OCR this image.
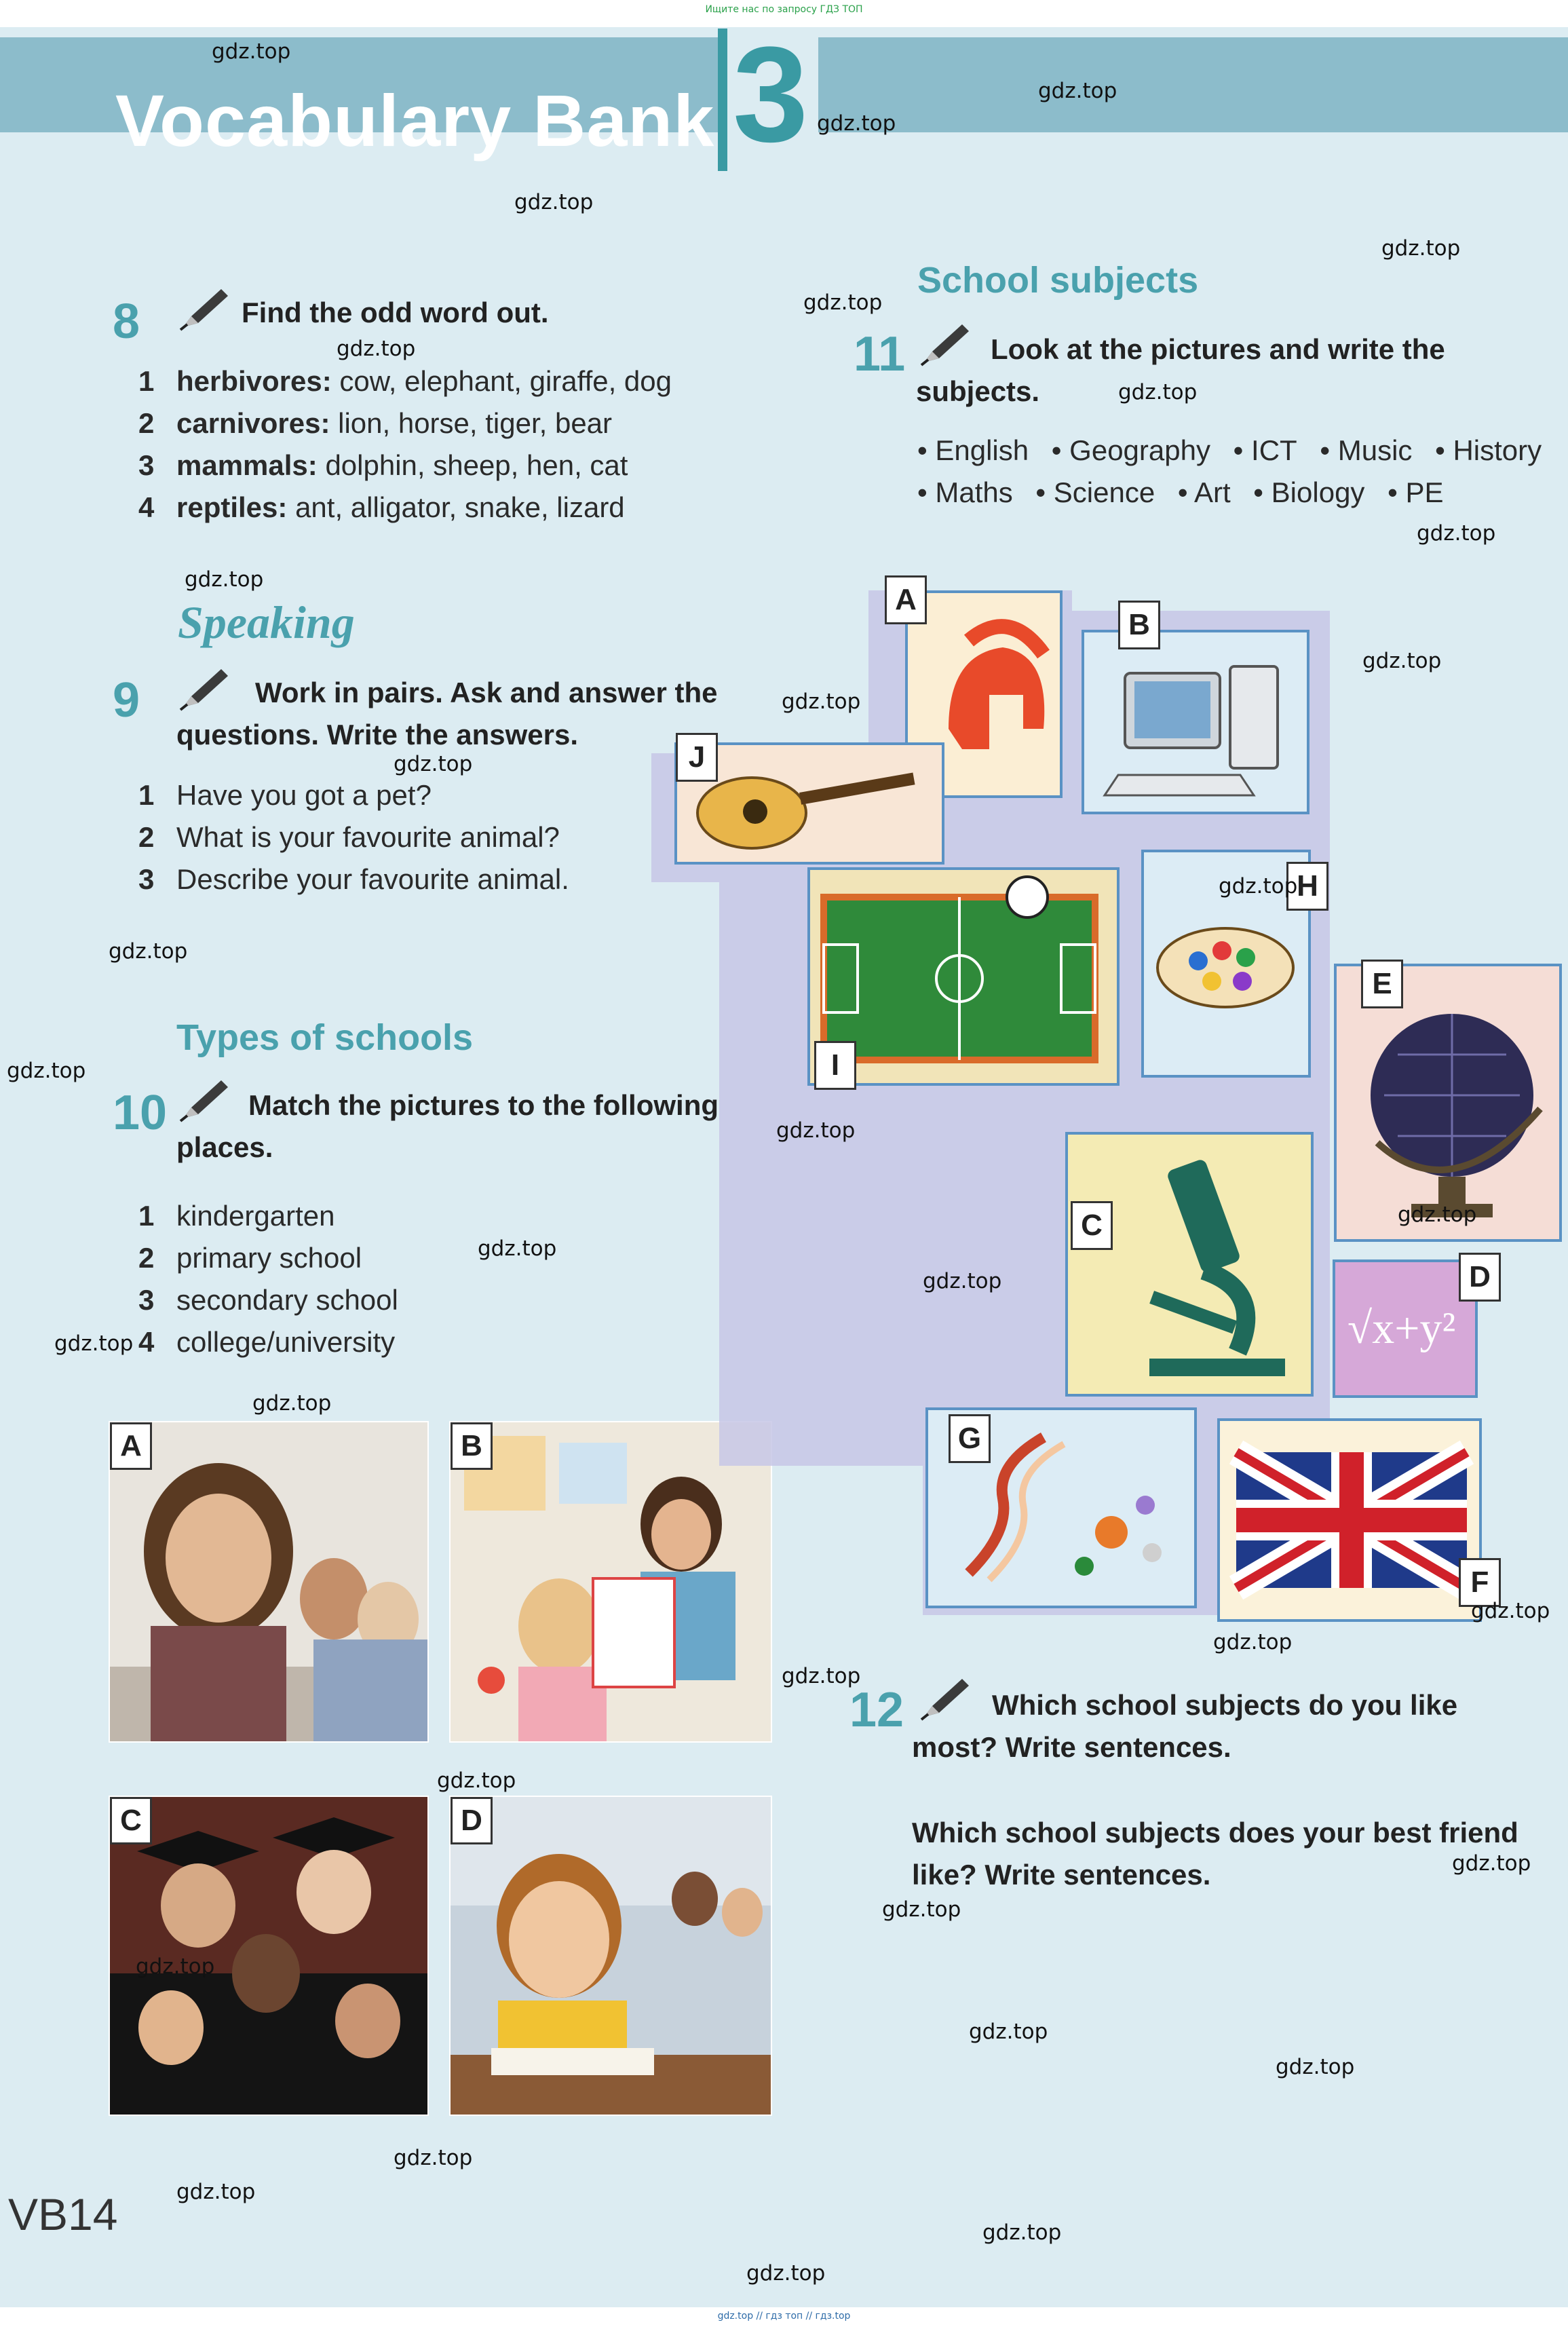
Ищите нас по запросу ГДЗ ТОП
Vocabulary Bank 3
8	Find the odd word out.
1 herbivores: cow, elephant, giraffe, dog
2 carnivores: lion, horse, tiger, bear
3 mammals: dolphin, sheep, hen, cat
4 reptiles: ant, alligator, snake, lizard
Speaking
9	Work in pairs. Ask and answer the
questions. Write the answers.
1 Have you got a pet?
2 What is your favourite animal?
3 Describe your favourite animal.
Types of schools
10	Match the pictures to the following
places.
1 kindergarten
2 primary school
3 secondary school
4 college/university
A	B
C	D
School subjects
11	Look at the pictures and write the
subjects.
• English • Geography • ICT • Music • History
• Maths • Science • Art • Biology • PE
A
B
J
I
H
E
C
√x+y²
D
G
F
12	Which school subjects do you like
most? Write sentences.
Which school subjects does your best friend
like? Write sentences.
VB14
gdz.top
gdz.top
gdz.top
gdz.top
gdz.top
gdz.top
gdz.top
gdz.top
gdz.top
gdz.top
gdz.top
gdz.top
gdz.top
gdz.top
gdz.top
gdz.top
gdz.top
gdz.top
gdz.top
gdz.top
gdz.top
gdz.top
gdz.top
gdz.top
gdz.top
gdz.top
gdz.top
gdz.top
gdz.top
gdz.top
gdz.top
gdz.top
gdz.top
gdz.top
gdz.top
gdz.top // гдз топ // гдз.top
